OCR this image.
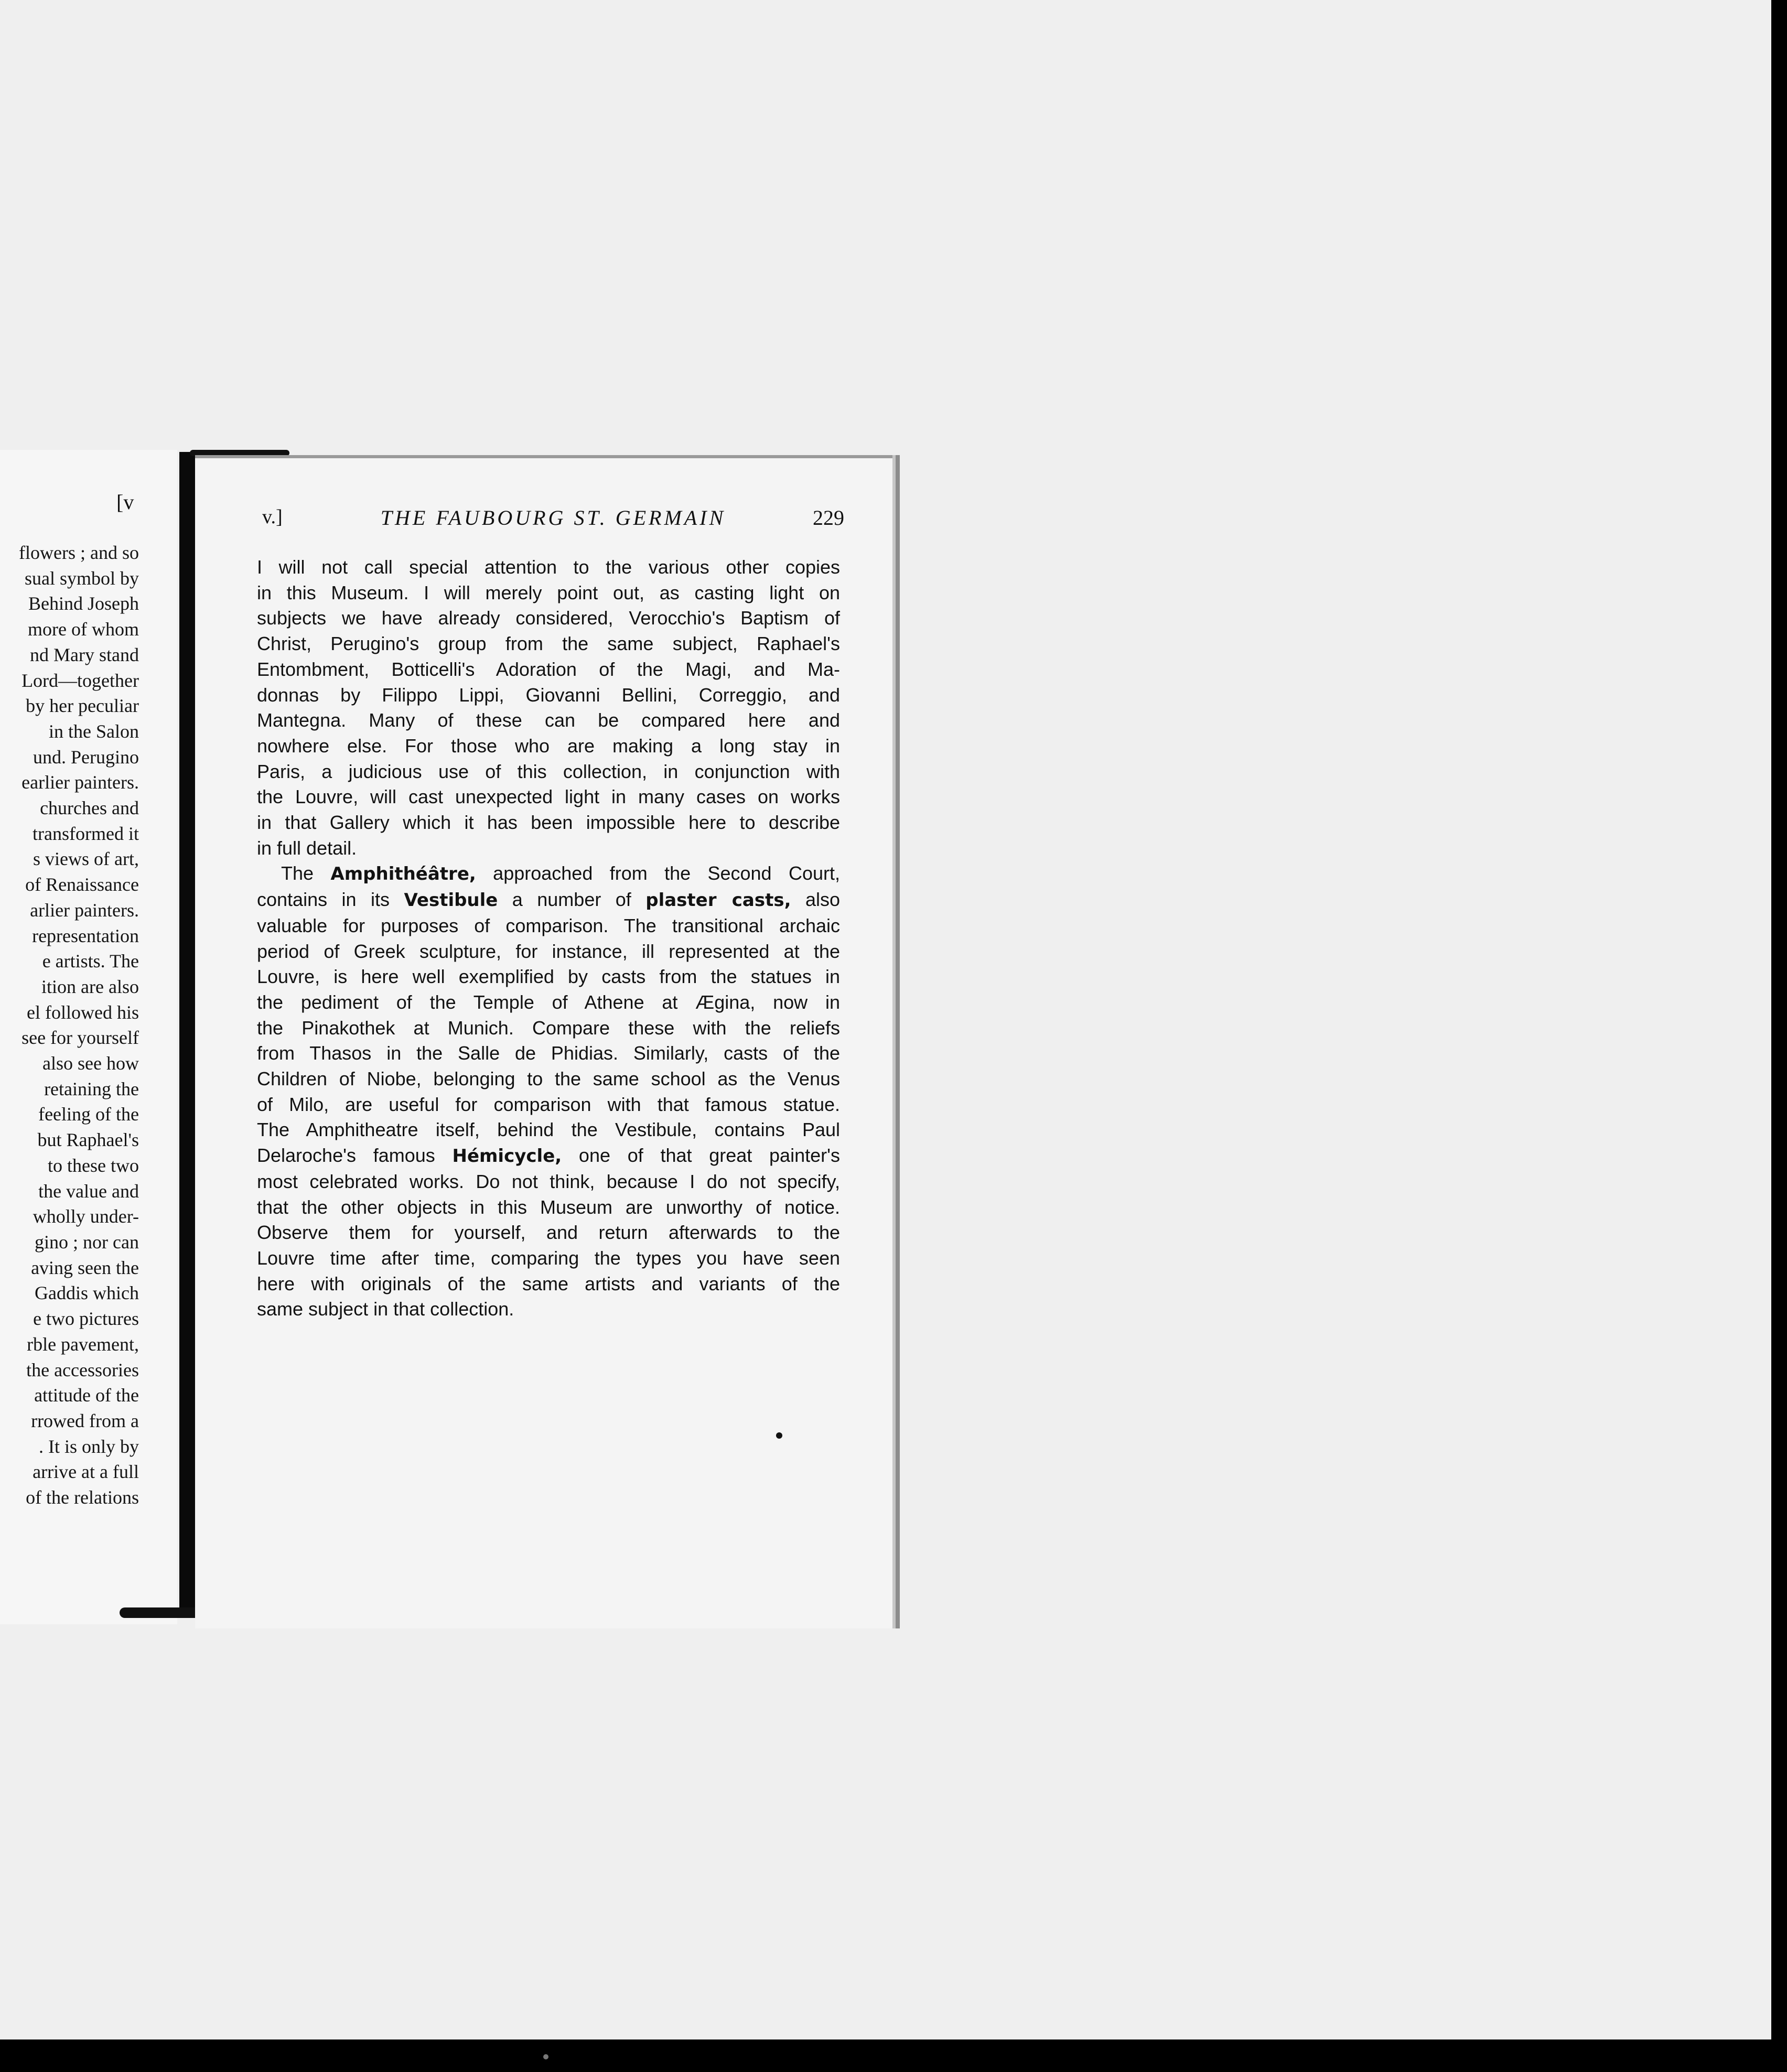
[v
flowers ; and so
sual symbol by
Behind Joseph
more of whom
nd Mary stand
Lord—together
by her peculiar
in the Salon
und. Perugino
earlier painters.
churches and
transformed it
s views of art,
of Renaissance
arlier painters.
representation
e artists. The
ition are also
el followed his
see for yourself
also see how
retaining the
feeling of the
but Raphael's
to these two
the value and
wholly under-
gino ; nor can
aving seen the
Gaddis which
e two pictures
rble pavement,
the accessories
attitude of the
rrowed from a
. It is only by
arrive at a full
of the relations
v.]	THE FAUBOURG ST. GERMAIN	229
I will not call special attention to the various other copies
in this Museum. I will merely point out, as casting light on
subjects we have already considered, Verocchio's Baptism of
Christ, Perugino's group from the same subject, Raphael's
Entombment, Botticelli's Adoration of the Magi, and Ma-
donnas by Filippo Lippi, Giovanni Bellini, Correggio, and
Mantegna. Many of these can be compared here and
nowhere else. For those who are making a long stay in
Paris, a judicious use of this collection, in conjunction with
the Louvre, will cast unexpected light in many cases on works
in that Gallery which it has been impossible here to describe
in full detail.
The Amphithéâtre, approached from the Second Court,
contains in its Vestibule a number of plaster casts, also
valuable for purposes of comparison. The transitional archaic
period of Greek sculpture, for instance, ill represented at the
Louvre, is here well exemplified by casts from the statues in
the pediment of the Temple of Athene at Ægina, now in
the Pinakothek at Munich. Compare these with the reliefs
from Thasos in the Salle de Phidias. Similarly, casts of the
Children of Niobe, belonging to the same school as the Venus
of Milo, are useful for comparison with that famous statue.
The Amphitheatre itself, behind the Vestibule, contains Paul
Delaroche's famous Hémicycle, one of that great painter's
most celebrated works. Do not think, because I do not specify,
that the other objects in this Museum are unworthy of notice.
Observe them for yourself, and return afterwards to the
Louvre time after time, comparing the types you have seen
here with originals of the same artists and variants of the
same subject in that collection.
